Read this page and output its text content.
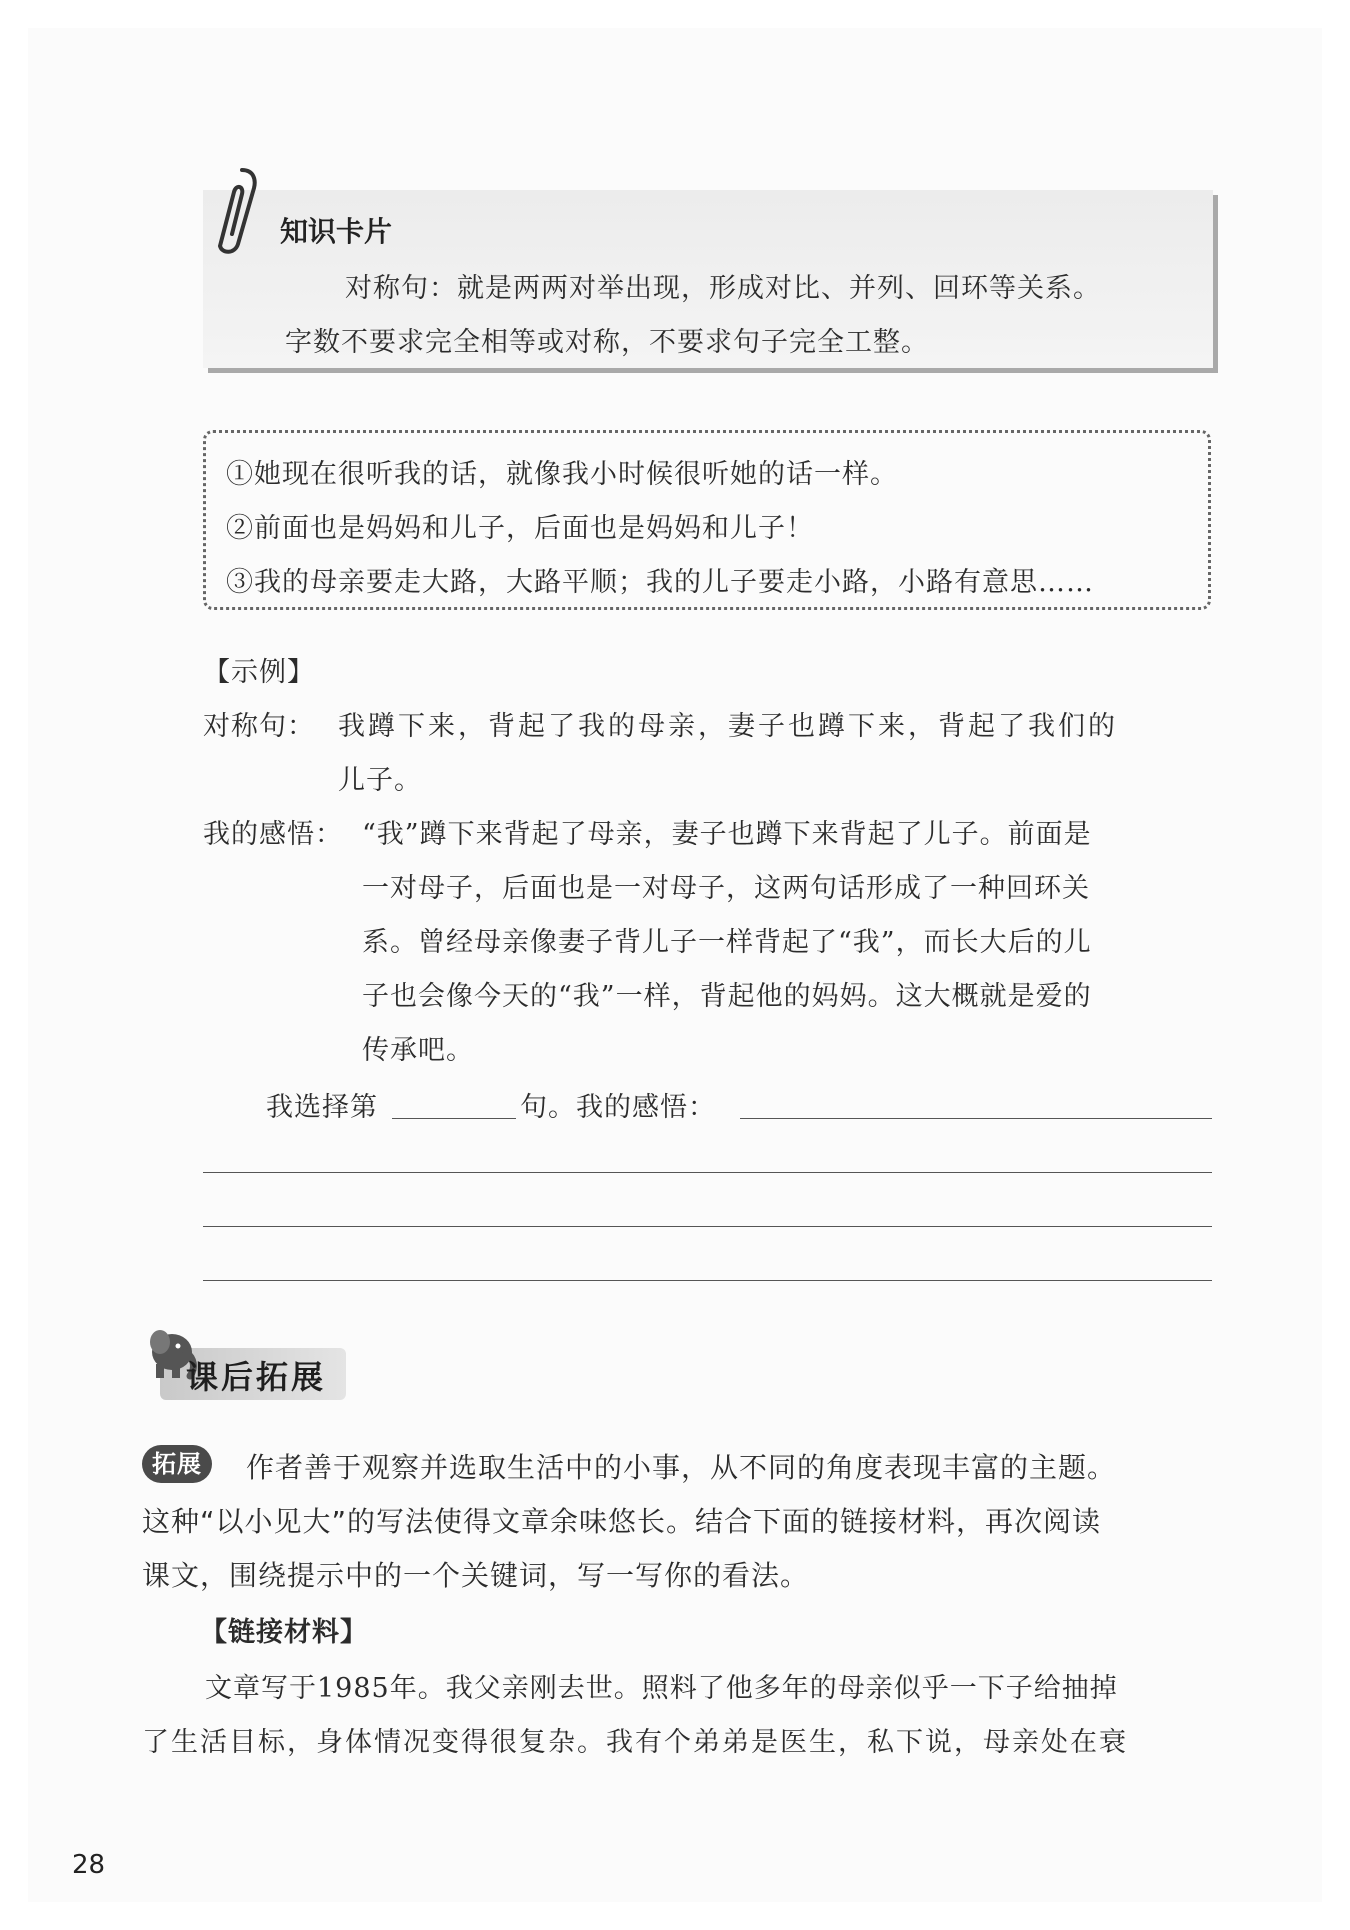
知识卡片
对称句：就是两两对举出现，形成对比、并列、回环等关系。
字数不要求完全相等或对称，不要求句子完全工整。
①她现在很听我的话，就像我小时候很听她的话一样。
②前面也是妈妈和儿子，后面也是妈妈和儿子！
③我的母亲要走大路，大路平顺；我的儿子要走小路，小路有意思……
【示例】
对称句： 我蹲下来，背起了我的母亲，妻子也蹲下来，背起了我们的
儿子。
我的感悟： “我”蹲下来背起了母亲，妻子也蹲下来背起了儿子。前面是
一对母子，后面也是一对母子，这两句话形成了一种回环关
系。曾经母亲像妻子背儿子一样背起了“我”，而长大后的儿
子也会像今天的“我”一样，背起他的妈妈。这大概就是爱的
传承吧。
我选择第	句。我的感悟：
课后拓展
拓展	作者善于观察并选取生活中的小事，从不同的角度表现丰富的主题。
这种“以小见大”的写法使得文章余味悠长。结合下面的链接材料，再次阅读
课文，围绕提示中的一个关键词，写一写你的看法。
【链接材料】
文章写于1985年。我父亲刚去世。照料了他多年的母亲似乎一下子给抽掉
了生活目标，身体情况变得很复杂。我有个弟弟是医生，私下说，母亲处在衰
28
